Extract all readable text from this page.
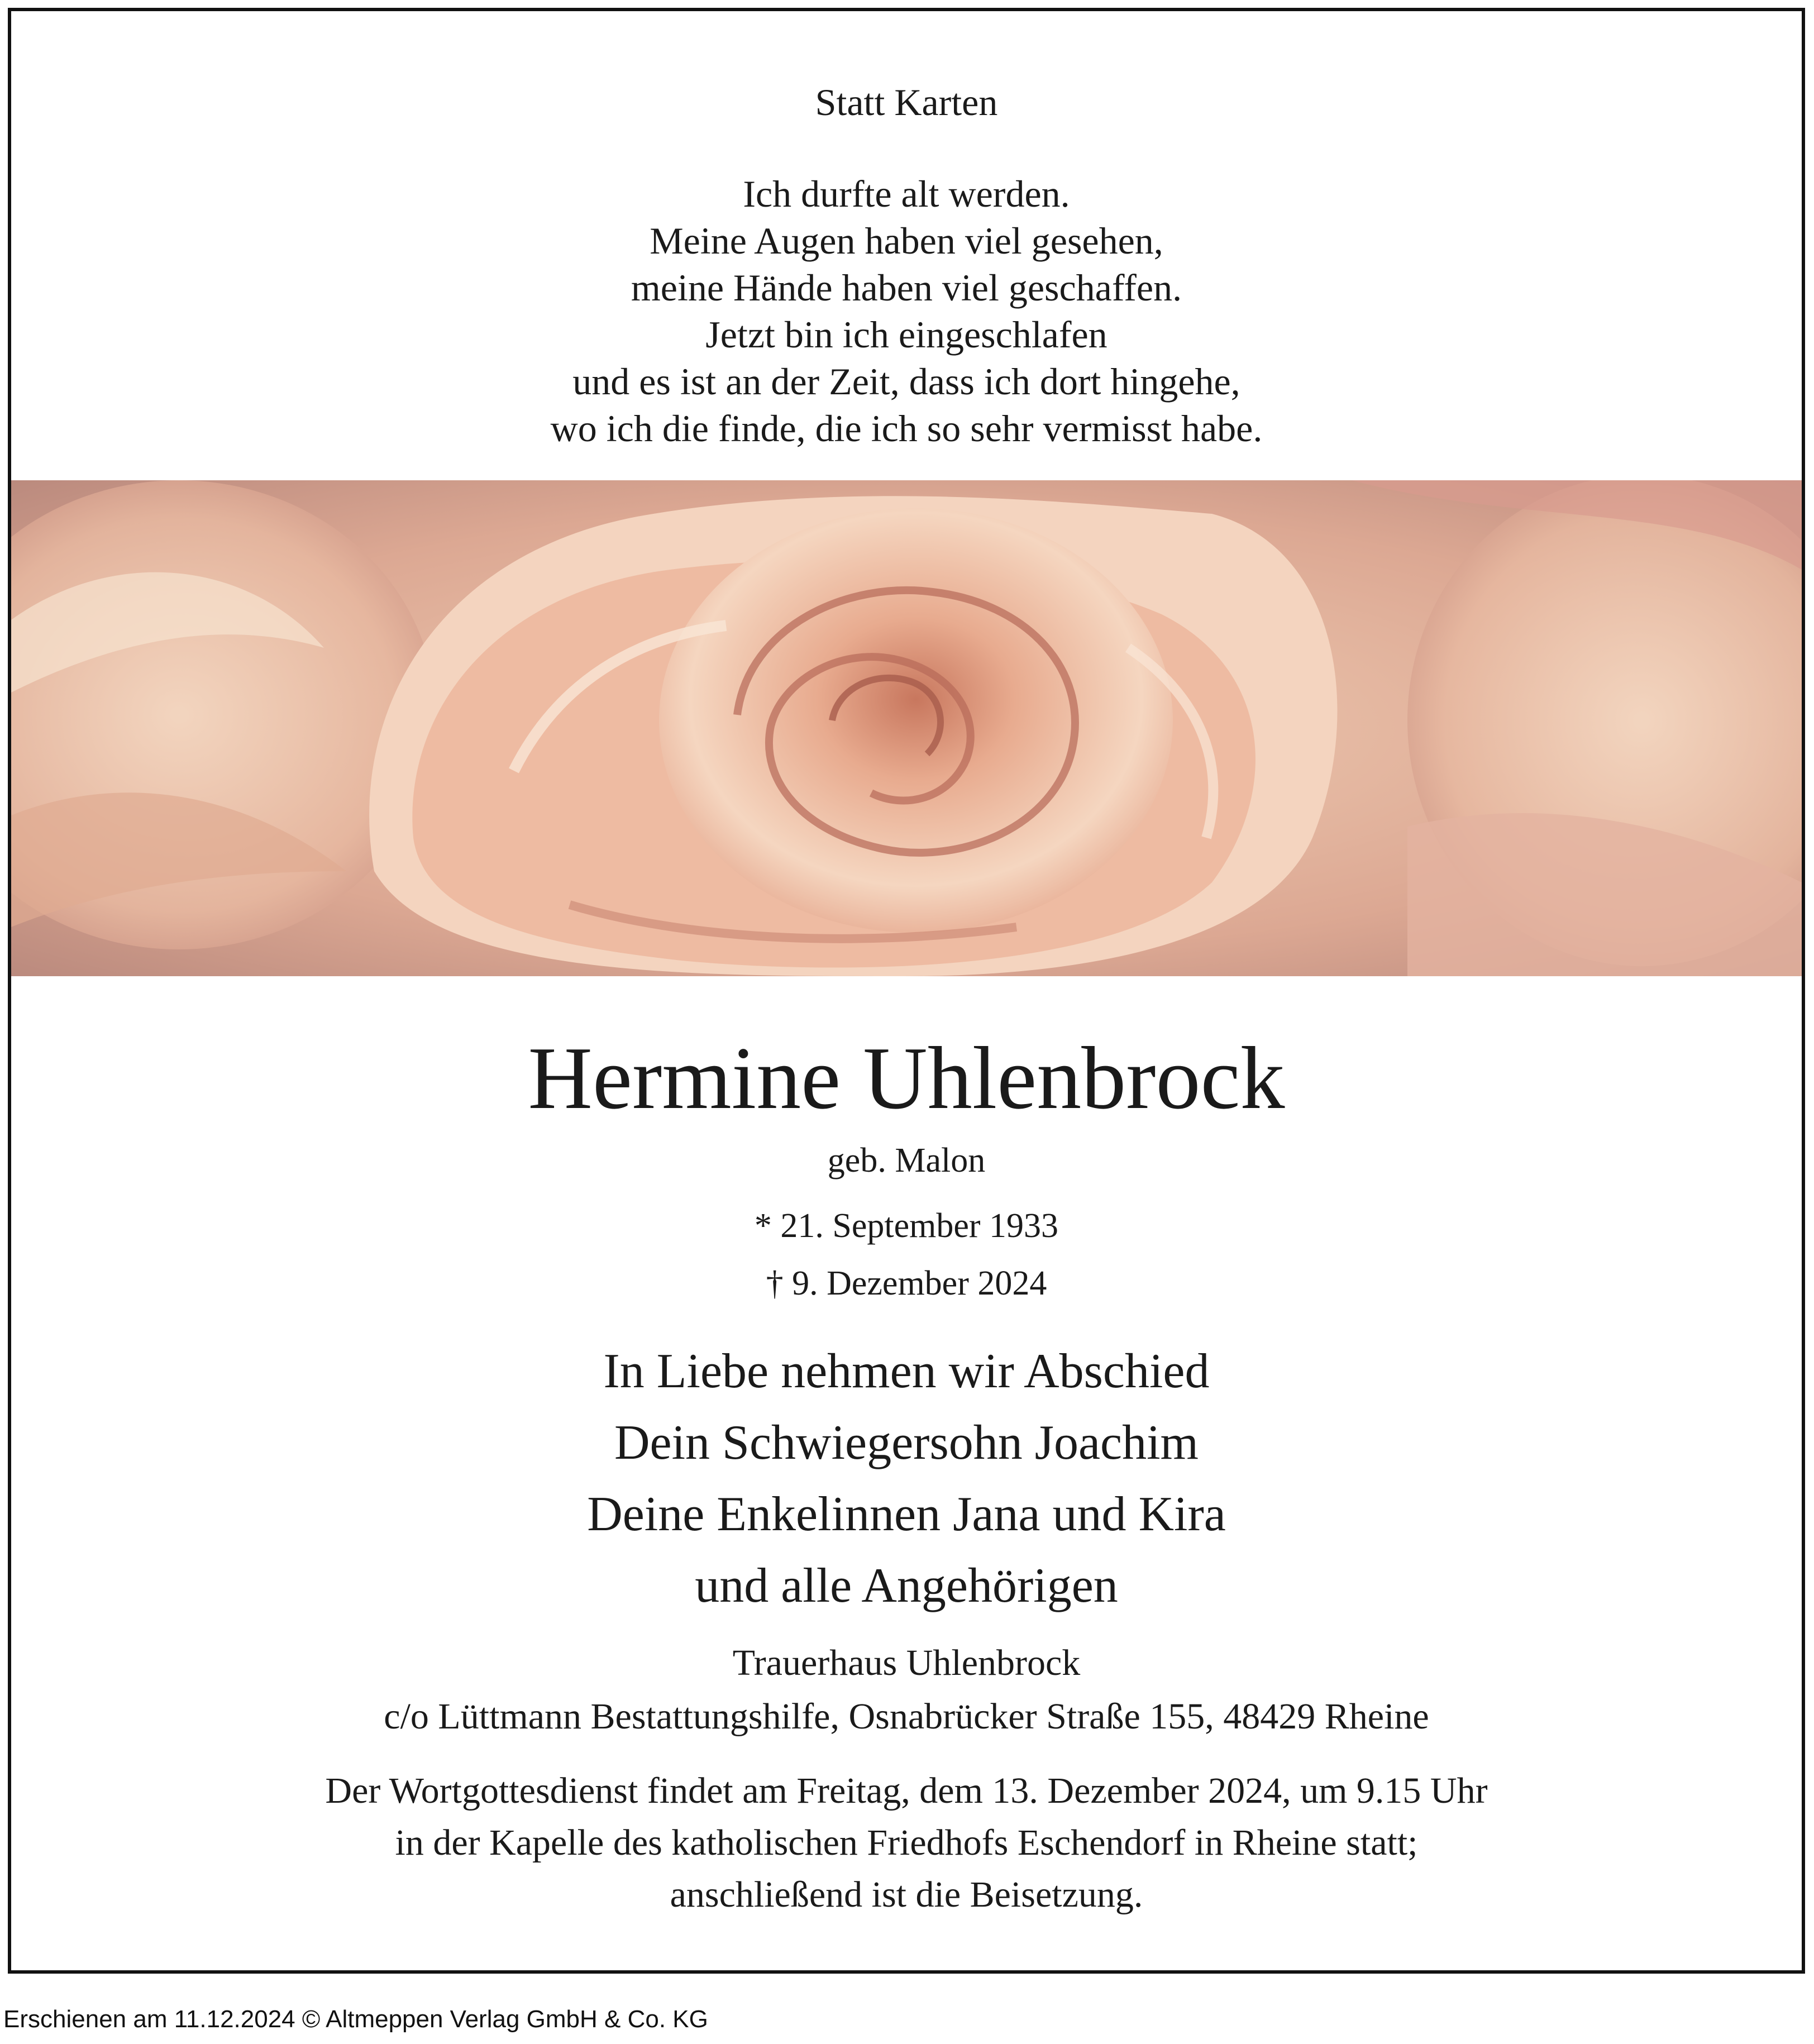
Statt Karten
Ich durfte alt werden.
Meine Augen haben viel gesehen,
meine Hände haben viel geschaffen.
Jetzt bin ich eingeschlafen
und es ist an der Zeit, dass ich dort hingehe,
wo ich die finde, die ich so sehr vermisst habe.
Hermine Uhlenbrock
geb. Malon
* 21. September 1933
† 9. Dezember 2024
In Liebe nehmen wir Abschied
Dein Schwiegersohn Joachim
Deine Enkelinnen Jana und Kira
und alle Angehörigen
Trauerhaus Uhlenbrock
c/o Lüttmann Bestattungshilfe, Osnabrücker Straße 155, 48429 Rheine
Der Wortgottesdienst findet am Freitag, dem 13. Dezember 2024, um 9.15 Uhr
in der Kapelle des katholischen Friedhofs Eschendorf in Rheine statt;
anschließend ist die Beisetzung.
Erschienen am 11.12.2024 © Altmeppen Verlag GmbH & Co. KG
